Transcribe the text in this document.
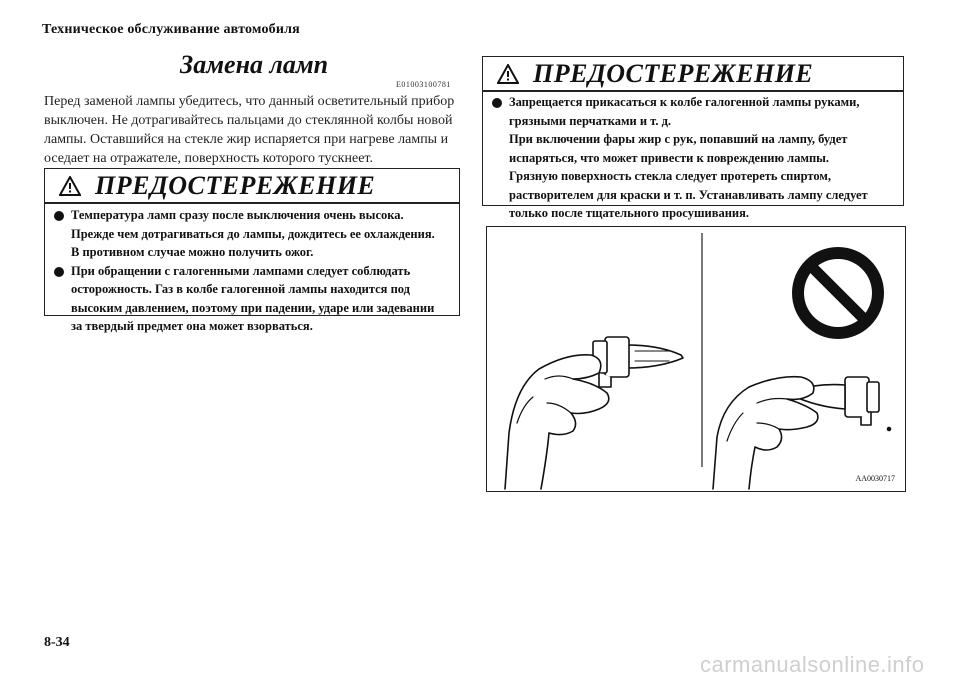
Техническое обслуживание автомобиля
Замена ламп
E01003100781
Перед заменой лампы убедитесь, что данный осветительный прибор выключен. Не дотрагивайтесь пальцами до стеклянной колбы новой лампы. Оставшийся на стекле жир испаряется при нагреве лампы и оседает на отражателе, поверхность которого тускнеет.
ПРЕДОСТЕРЕЖЕНИЕ
Температура ламп сразу после выключения очень высока.
Прежде чем дотрагиваться до лампы, дождитесь ее охлаждения.
В противном случае можно получить ожог.
При обращении с галогенными лампами следует соблюдать
осторожность. Газ в колбе галогенной лампы находится под
высоким давлением, поэтому при падении, ударе или задевании
за твердый предмет она может взорваться.
ПРЕДОСТЕРЕЖЕНИЕ
Запрещается прикасаться к колбе галогенной лампы руками,
грязными перчатками и т. д.
При включении фары жир с рук, попавший на лампу, будет
испаряться, что может привести к повреждению лампы.
Грязную поверхность стекла следует протереть спиртом,
растворителем для краски и т. п. Устанавливать лампу следует
только после тщательного просушивания.
AA0030717
8-34
carmanualsonline.info
